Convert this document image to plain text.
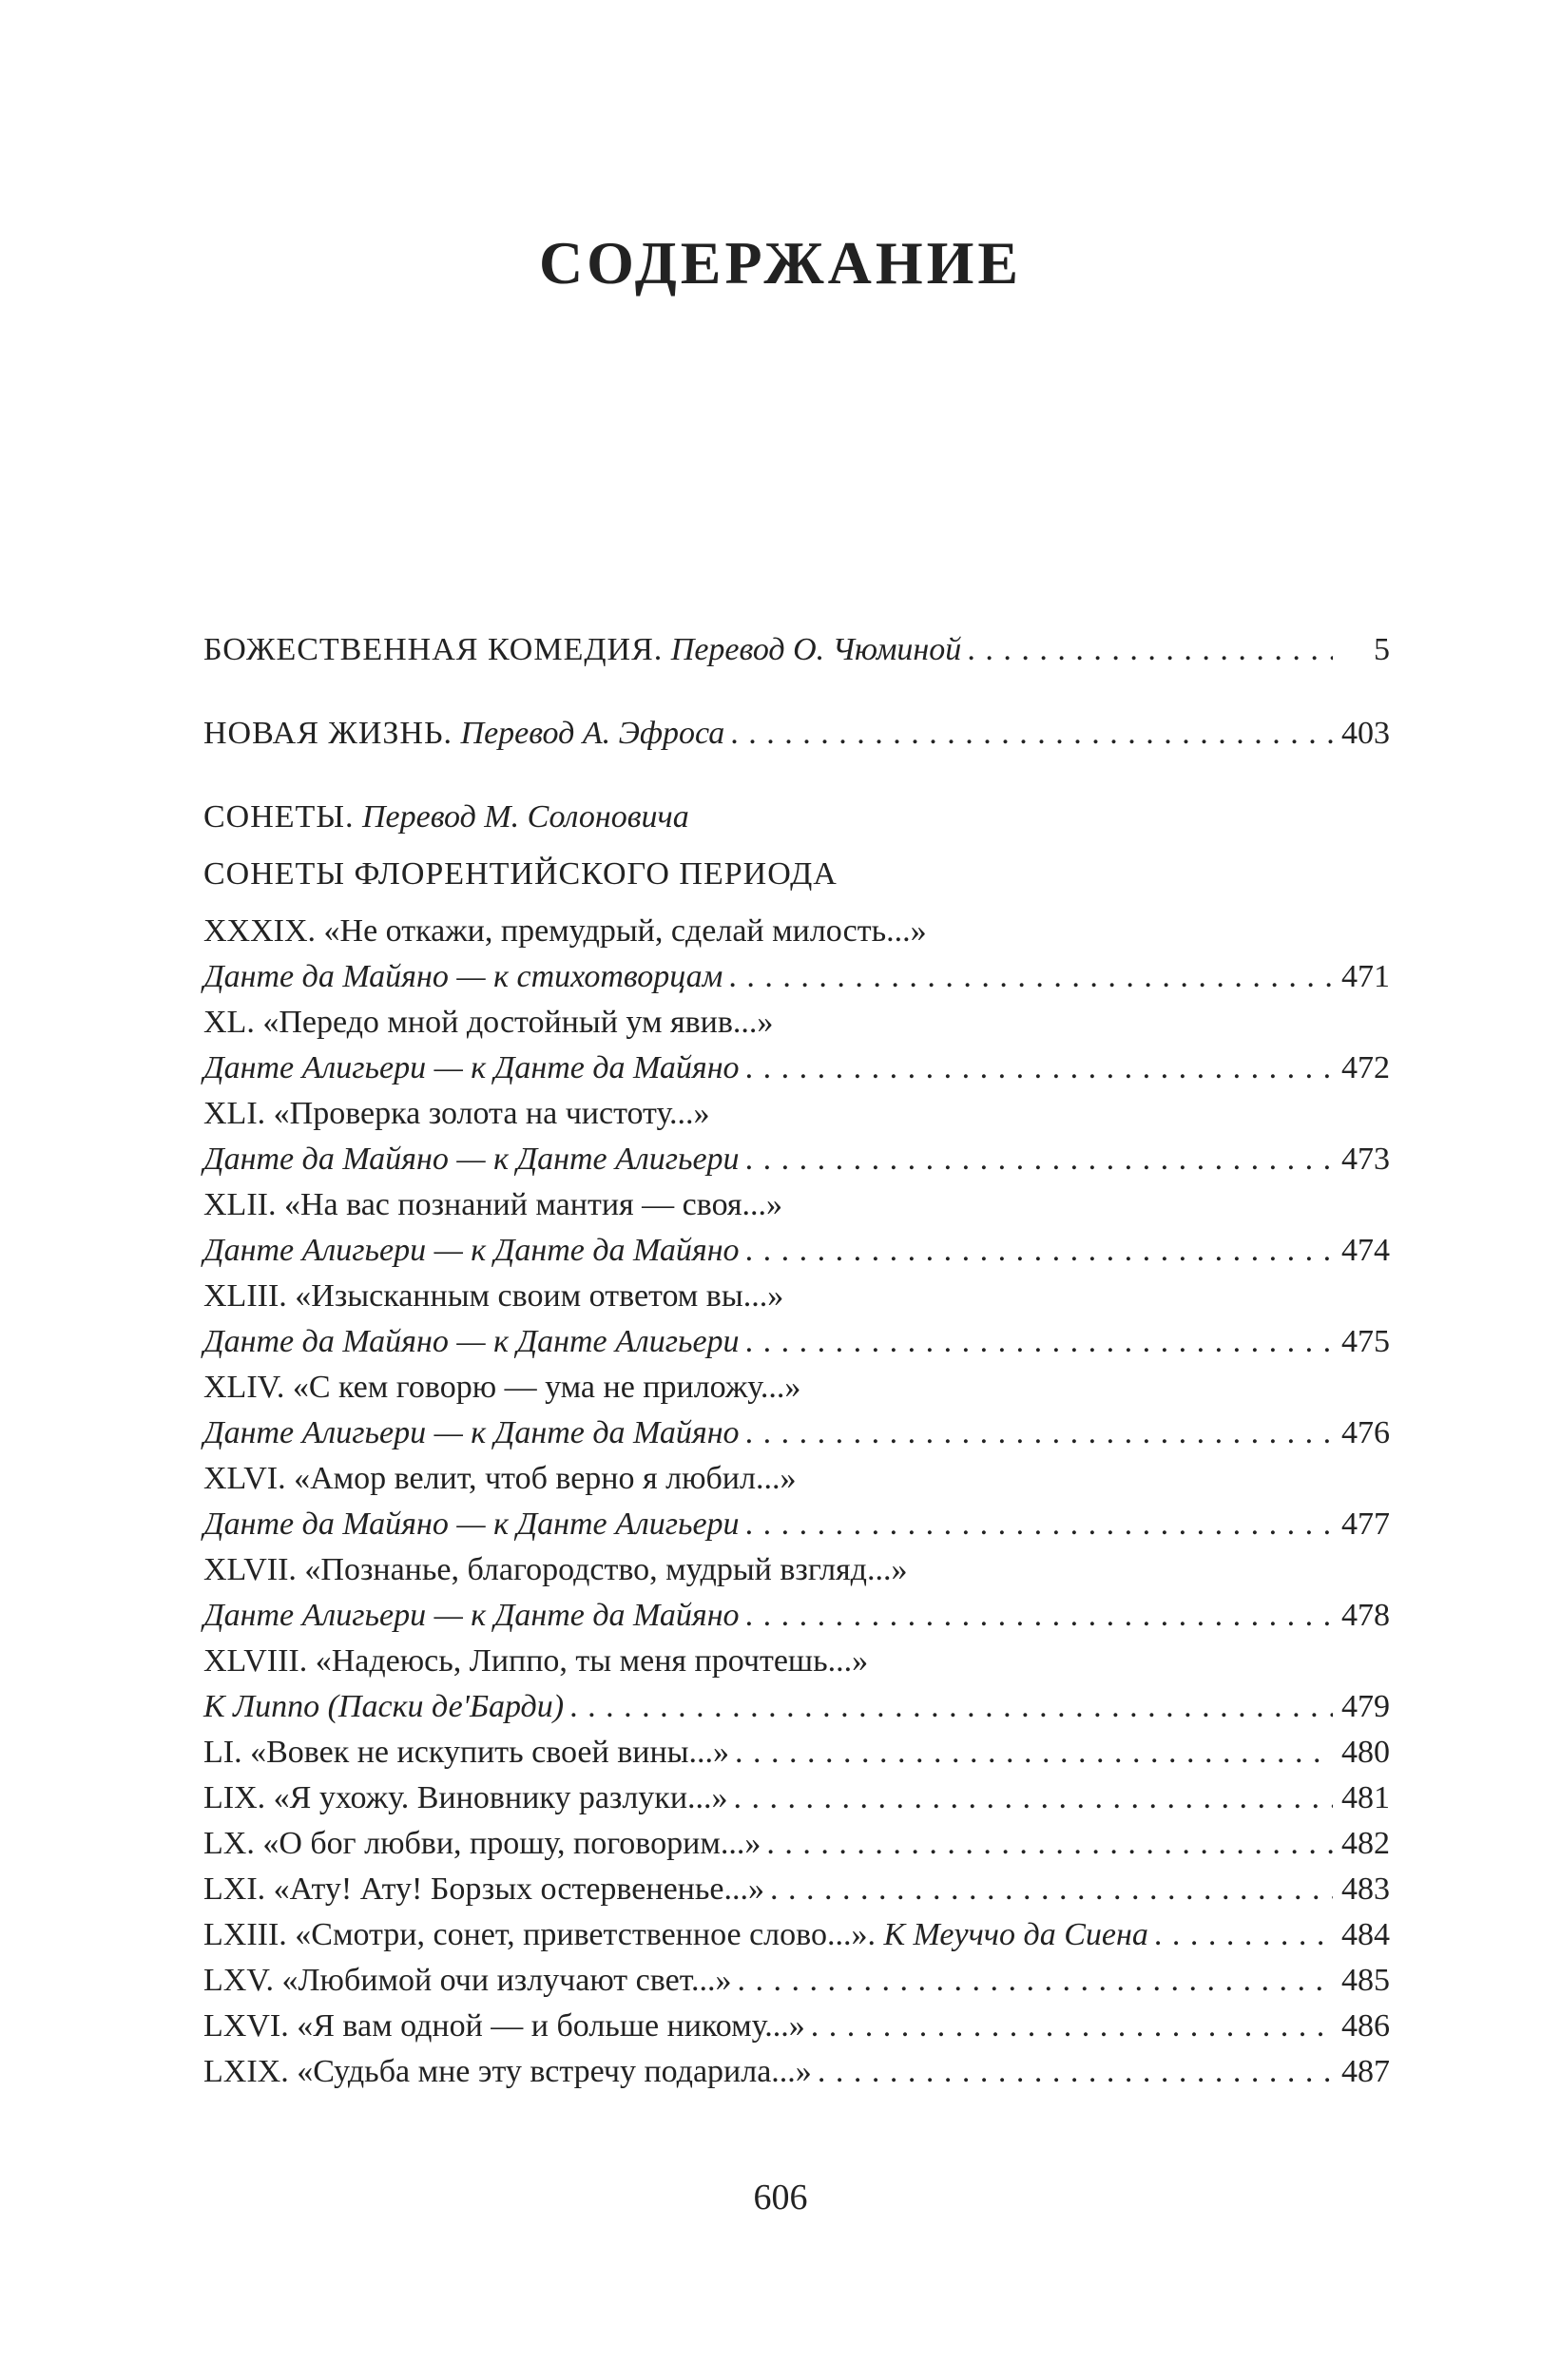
СОДЕРЖАНИЕ
БОЖЕСТВЕННАЯ КОМЕДИЯ. Перевод О. Чюминой . . .	5
НОВАЯ ЖИЗНЬ. Перевод А. Эфроса . . .	403
СОНЕТЫ. Перевод М. Солоновича
СОНЕТЫ ФЛОРЕНТИЙСКОГО ПЕРИОДА
XXXIX. «Не откажи, премудрый, сделай милость...»
Данте да Майяно — к стихотворцам . . .	471
XL. «Передо мной достойный ум явив...»
Данте Алигьери — к Данте да Майяно . . .	472
XLI. «Проверка золота на чистоту...»
Данте да Майяно — к Данте Алигьери . . .	473
XLII. «На вас познаний мантия — своя...»
Данте Алигьери — к Данте да Майяно . . .	474
XLIII. «Изысканным своим ответом вы...»
Данте да Майяно — к Данте Алигьери . . .	475
XLIV. «С кем говорю — ума не приложу...»
Данте Алигьери — к Данте да Майяно . . .	476
XLVI. «Амор велит, чтоб верно я любил...»
Данте да Майяно — к Данте Алигьери . . .	477
XLVII. «Познанье, благородство, мудрый взгляд...»
Данте Алигьери — к Данте да Майяно . . .	478
XLVIII. «Надеюсь, Липпо, ты меня прочтешь...»
К Липпо (Паски де'Барди) . . .	479
LI. «Вовек не искупить своей вины...» . . .	480
LIX. «Я ухожу. Виновнику разлуки...» . . .	481
LX. «О бог любви, прошу, поговорим...» . . .	482
LXI. «Ату! Ату! Борзых остервененье...» . . .	483
LXIII. «Смотри, сонет, приветственное слово...». К Меуччо да Сиена . . .	484
LXV. «Любимой очи излучают свет...» . . .	485
LXVI. «Я вам одной — и больше никому...» . . .	486
LXIX. «Судьба мне эту встречу подарила...» . . .	487
606
